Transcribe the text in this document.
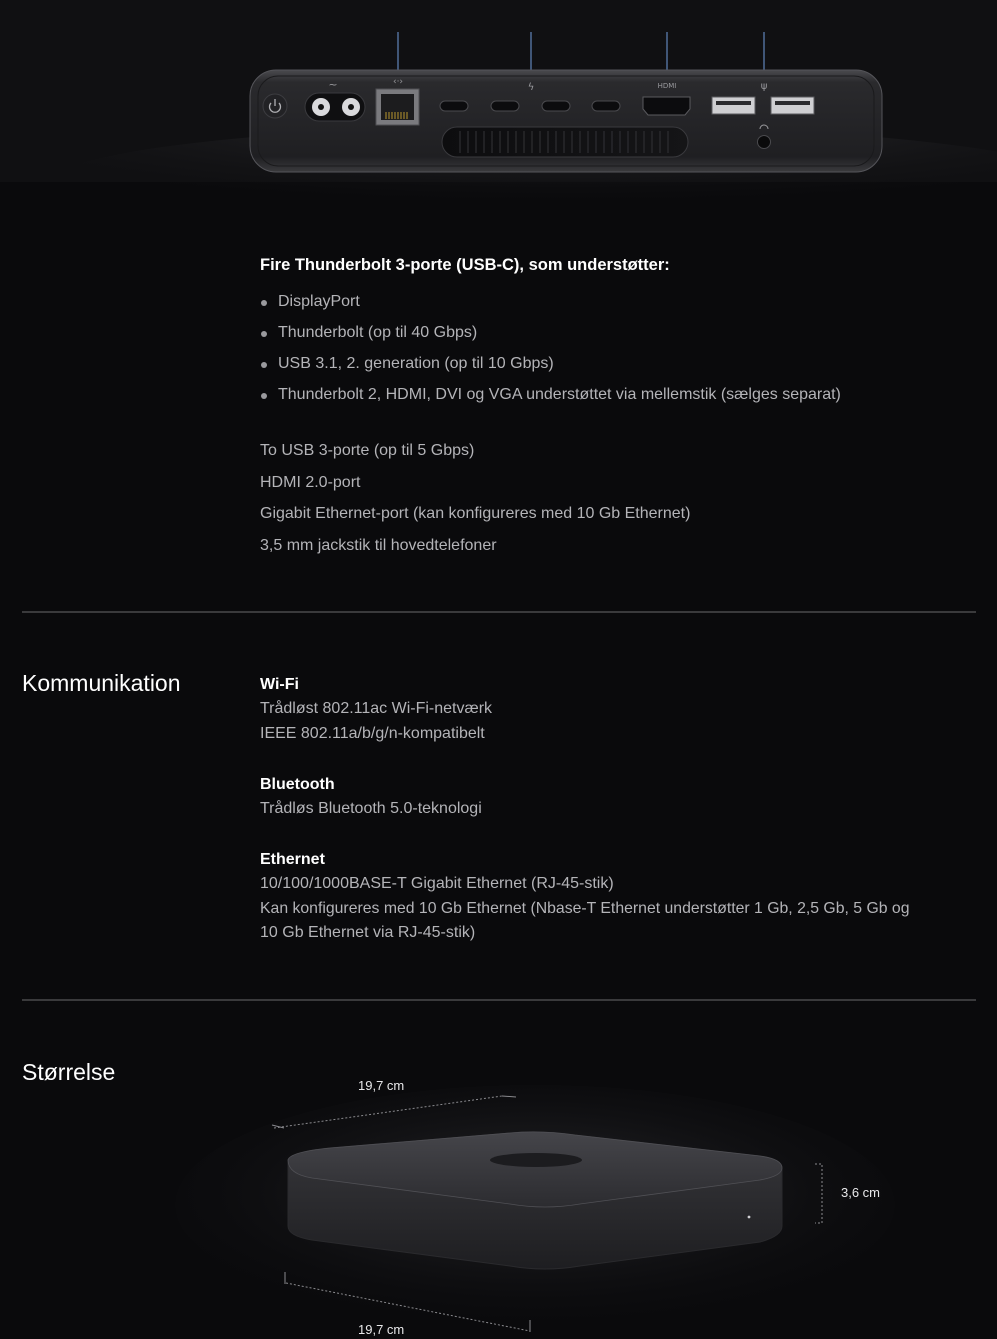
~	‹·›	ϟ	HDMI	ψ
Fire Thunderbolt 3-porte (USB-C), som understøtter:
DisplayPort
Thunderbolt (op til 40 Gbps)
USB 3.1, 2. generation (op til 10 Gbps)
Thunderbolt 2, HDMI, DVI og VGA understøttet via mellemstik (sælges separat)
To USB 3-porte (op til 5 Gbps)
HDMI 2.0-port
Gigabit Ethernet-port (kan konfigureres med 10 Gb Ethernet)
3,5 mm jackstik til hovedtelefoner
Kommunikation	Wi-Fi
Trådløst 802.11ac Wi-Fi-netværk
IEEE 802.11a/b/g/n-kompatibelt
Bluetooth
Trådløs Bluetooth 5.0-teknologi
Ethernet
10/100/1000BASE-T Gigabit Ethernet (RJ-45-stik)
Kan konfigureres med 10 Gb Ethernet (Nbase-T Ethernet understøtter 1 Gb, 2,5 Gb, 5 Gb og
10 Gb Ethernet via RJ-45-stik)
Størrelse
19,7 cm
3,6 cm
19,7 cm
